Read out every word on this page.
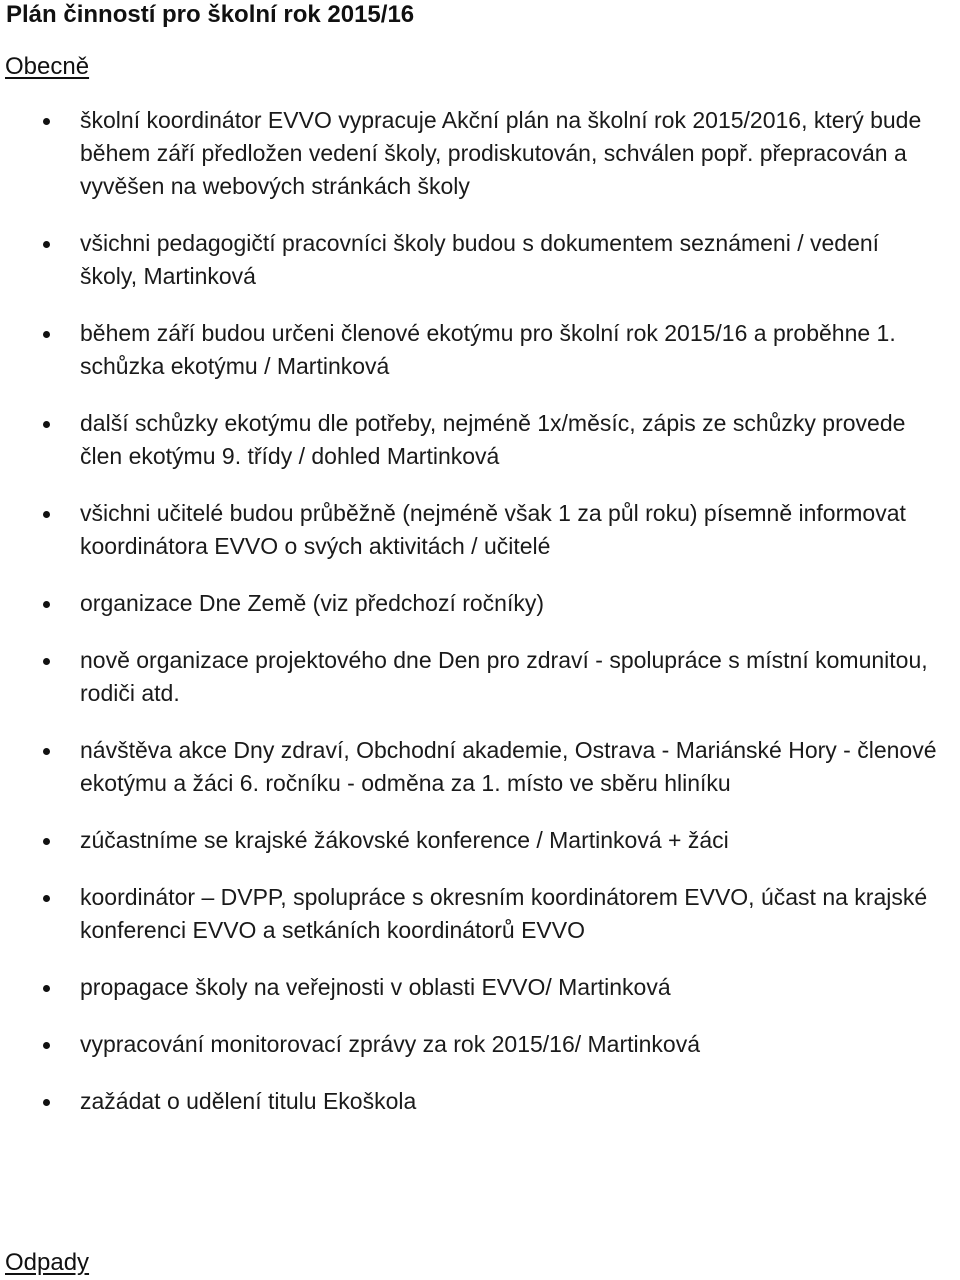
Plán činností pro školní rok 2015/16
Obecně
školní koordinátor EVVO vypracuje Akční plán na školní rok 2015/2016, který bude během září předložen vedení školy, prodiskutován, schválen popř. přepracován a vyvěšen na webových stránkách školy
všichni pedagogičtí pracovníci školy budou s dokumentem seznámeni / vedení školy, Martinková
během září budou určeni členové ekotýmu pro školní rok 2015/16 a proběhne 1. schůzka ekotýmu / Martinková
další schůzky ekotýmu dle potřeby, nejméně 1x/měsíc, zápis ze schůzky provede člen ekotýmu 9. třídy / dohled Martinková
všichni učitelé budou průběžně (nejméně však 1 za půl roku) písemně informovat koordinátora EVVO o svých aktivitách / učitelé
organizace Dne Země (viz předchozí ročníky)
nově organizace projektového dne Den pro zdraví - spolupráce s místní komunitou, rodiči atd.
návštěva akce Dny zdraví, Obchodní akademie, Ostrava - Mariánské Hory - členové ekotýmu a žáci 6. ročníku - odměna za 1. místo ve sběru hliníku
zúčastníme se krajské žákovské konference / Martinková + žáci
koordinátor – DVPP, spolupráce s okresním koordinátorem EVVO, účast na krajské konferenci EVVO a setkáních koordinátorů EVVO
propagace školy na veřejnosti v oblasti EVVO/ Martinková
vypracování monitorovací zprávy za rok 2015/16/ Martinková
zažádat o udělení titulu Ekoškola
Odpady
